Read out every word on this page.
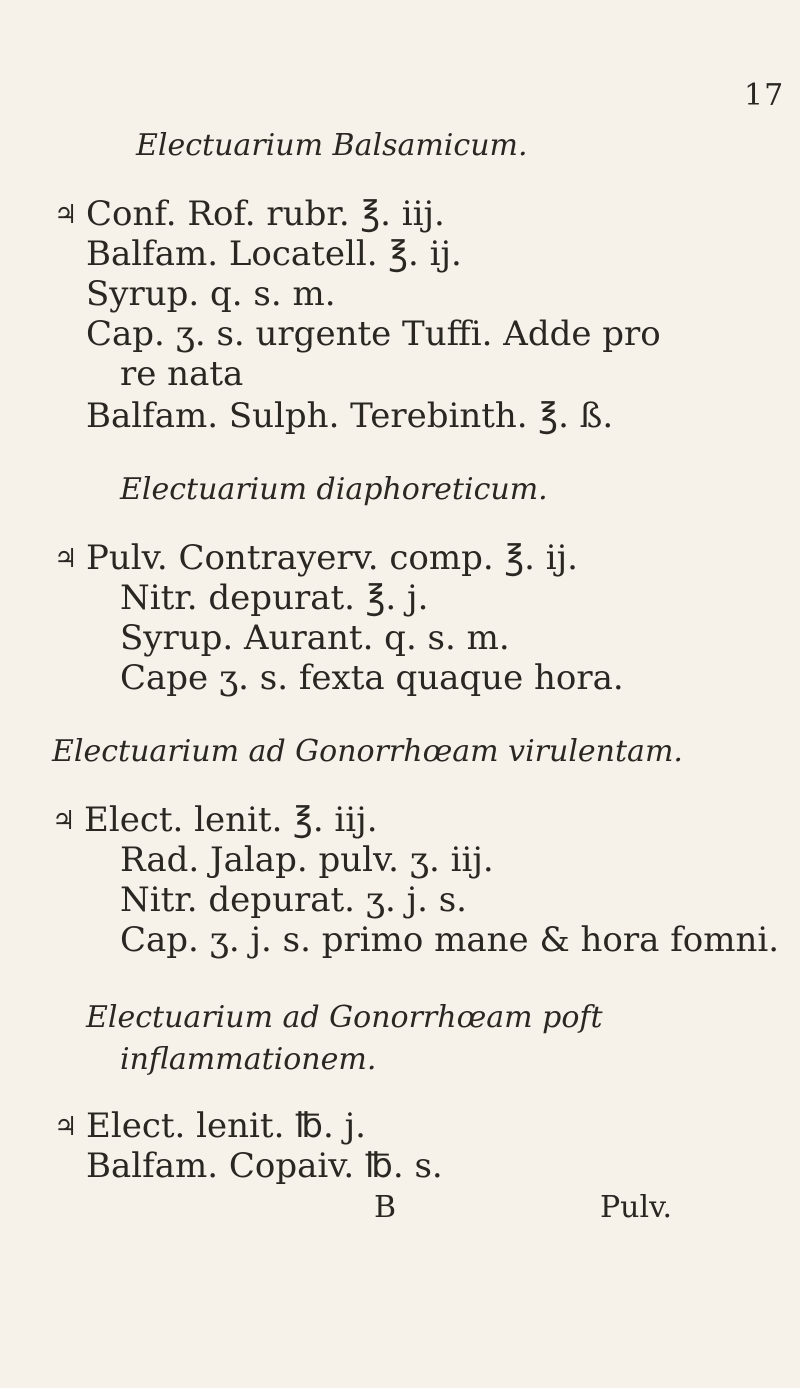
17
Electuarium Balsamicum.
♃ Conf. Rof. rubr. ℥. iij.
Balfam. Locatell. ℥. ij.
Syrup. q. s. m.
Cap. ʒ. s. urgente Tuffi. Adde pro
re nata
Balfam. Sulph. Terebinth. ℥. ß.
Electuarium diaphoreticum.
♃ Pulv. Contrayerv. comp. ℥. ij.
Nitr. depurat. ℥. j.
Syrup. Aurant. q. s. m.
Cape ʒ. s. fexta quaque hora.
Electuarium ad Gonorrhœam virulentam.
♃ Elect. lenit. ℥. iij.
Rad. Jalap. pulv. ʒ. iij.
Nitr. depurat. ʒ. j. s.
Cap. ʒ. j. s. primo mane & hora fomni.
Electuarium ad Gonorrhœam poft
inflammationem.
♃ Elect. lenit. ℔. j.
Balfam. Copaiv. ℔. s.
B	Pulv.
